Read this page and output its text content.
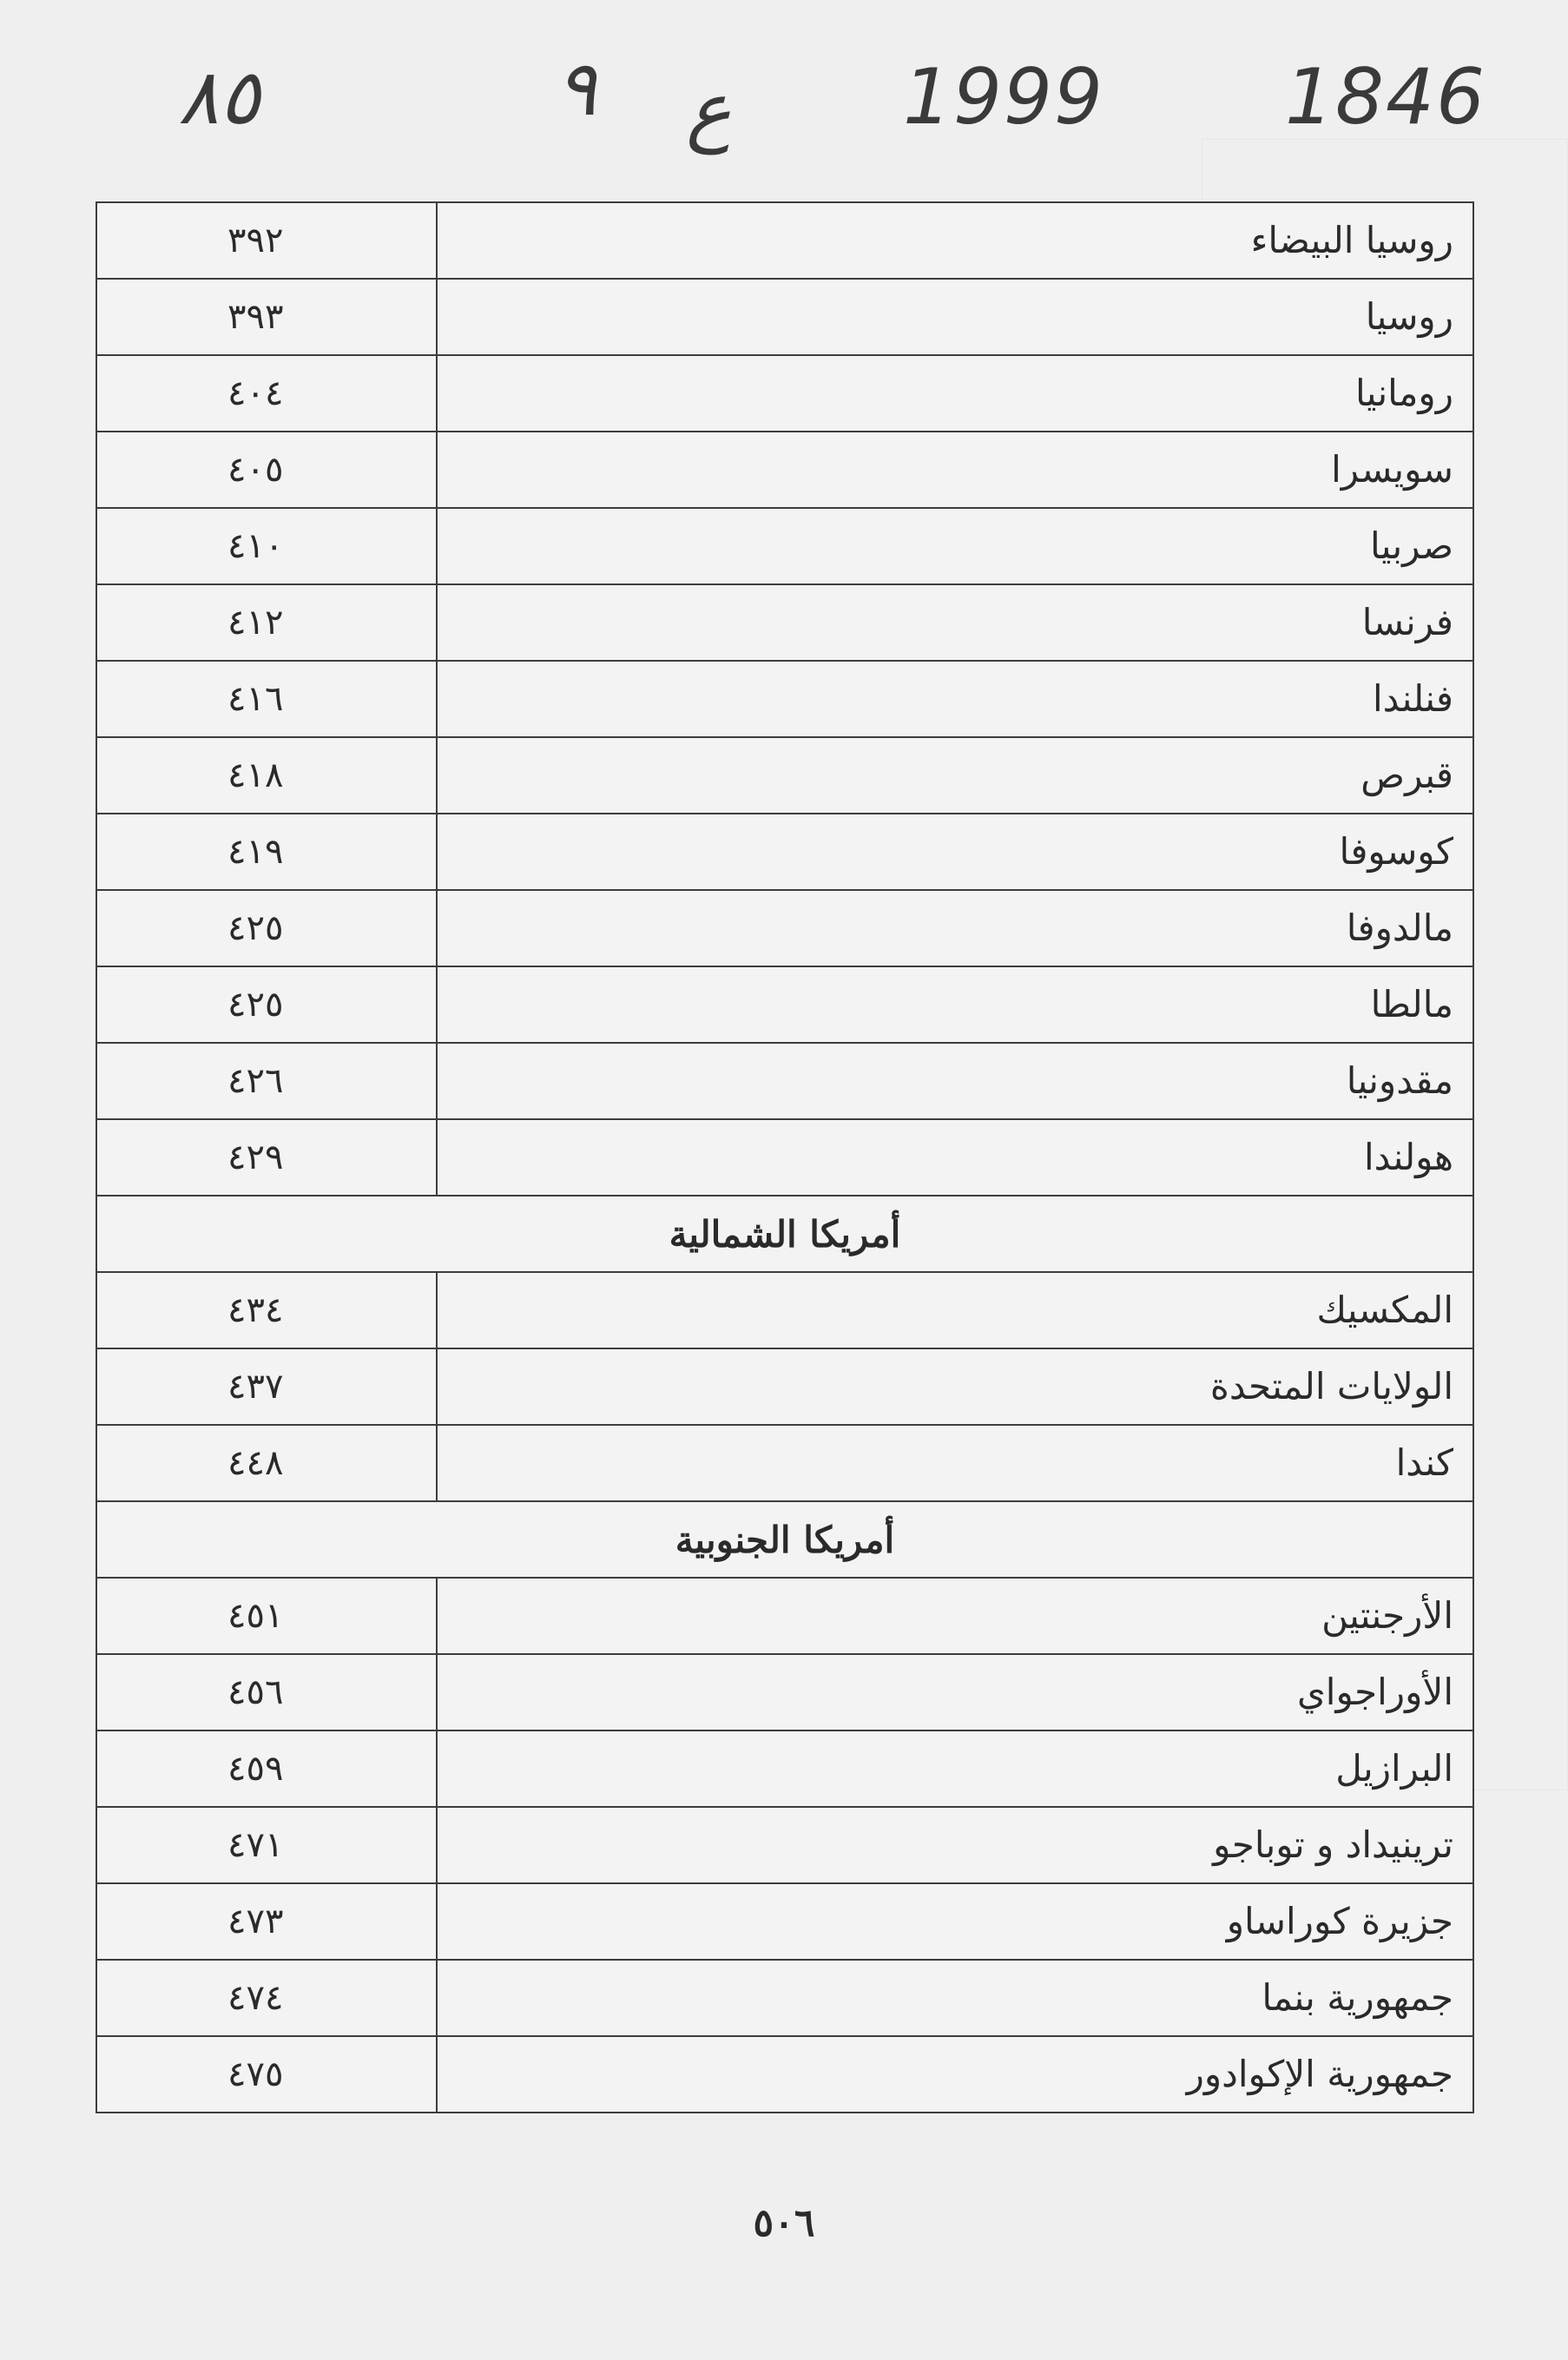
٨٥	٩ ع 1999 1846
روسيا البيضاء	٣٩٢
روسيا	٣٩٣
رومانيا	٤٠٤
سويسرا	٤٠٥
صربيا	٤١٠
فرنسا	٤١٢
فنلندا	٤١٦
قبرص	٤١٨
كوسوفا	٤١٩
مالدوفا	٤٢٥
مالطا	٤٢٥
مقدونيا	٤٢٦
هولندا	٤٢٩
أمريكا الشمالية	
المكسيك	٤٣٤
الولايات المتحدة	٤٣٧
كندا	٤٤٨
أمريكا الجنوبية	
الأرجنتين	٤٥١
الأوراجواي	٤٥٦
البرازيل	٤٥٩
ترينيداد و توباجو	٤٧١
جزيرة كوراساو	٤٧٣
جمهورية بنما	٤٧٤
جمهورية الإكوادور	٤٧٥
٥٠٦
